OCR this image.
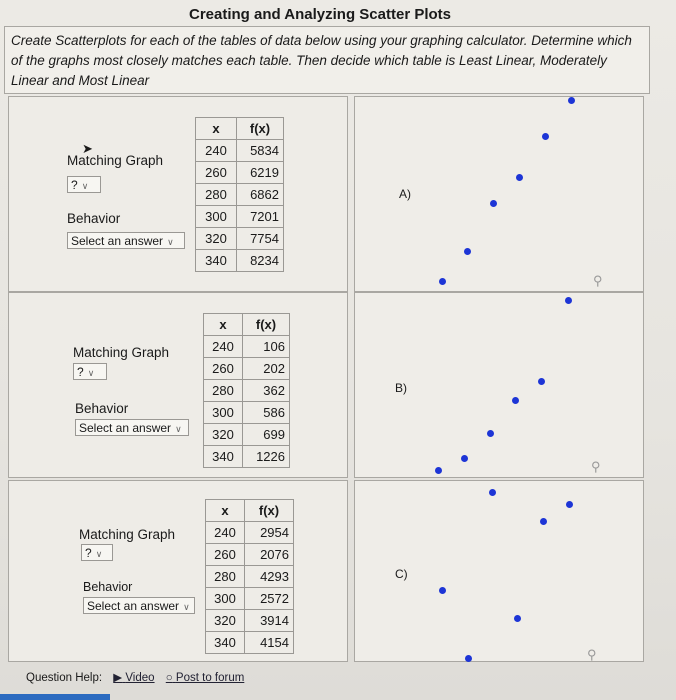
Creating and Analyzing Scatter Plots
Create Scatterplots for each of the tables of data below using your graphing calculator. Determine which of the graphs most closely matches each table. Then decide which table is Least Linear, Moderately Linear and Most Linear
Matching Graph
? ∨
Behavior
Select an answer ∨
x	f(x)
240	5834
260	6219
280	6862
300	7201
320	7754
340	8234
A)
⚲
Matching Graph
? ∨
Behavior
Select an answer ∨
x	f(x)
240	106
260	202
280	362
300	586
320	699
340	1226
B)
⚲
Matching Graph
? ∨
Behavior
Select an answer ∨
x	f(x)
240	2954
260	2076
280	4293
300	2572
320	3914
340	4154
C)
⚲
➤
Question Help: ▶ Video ○ Post to forum
